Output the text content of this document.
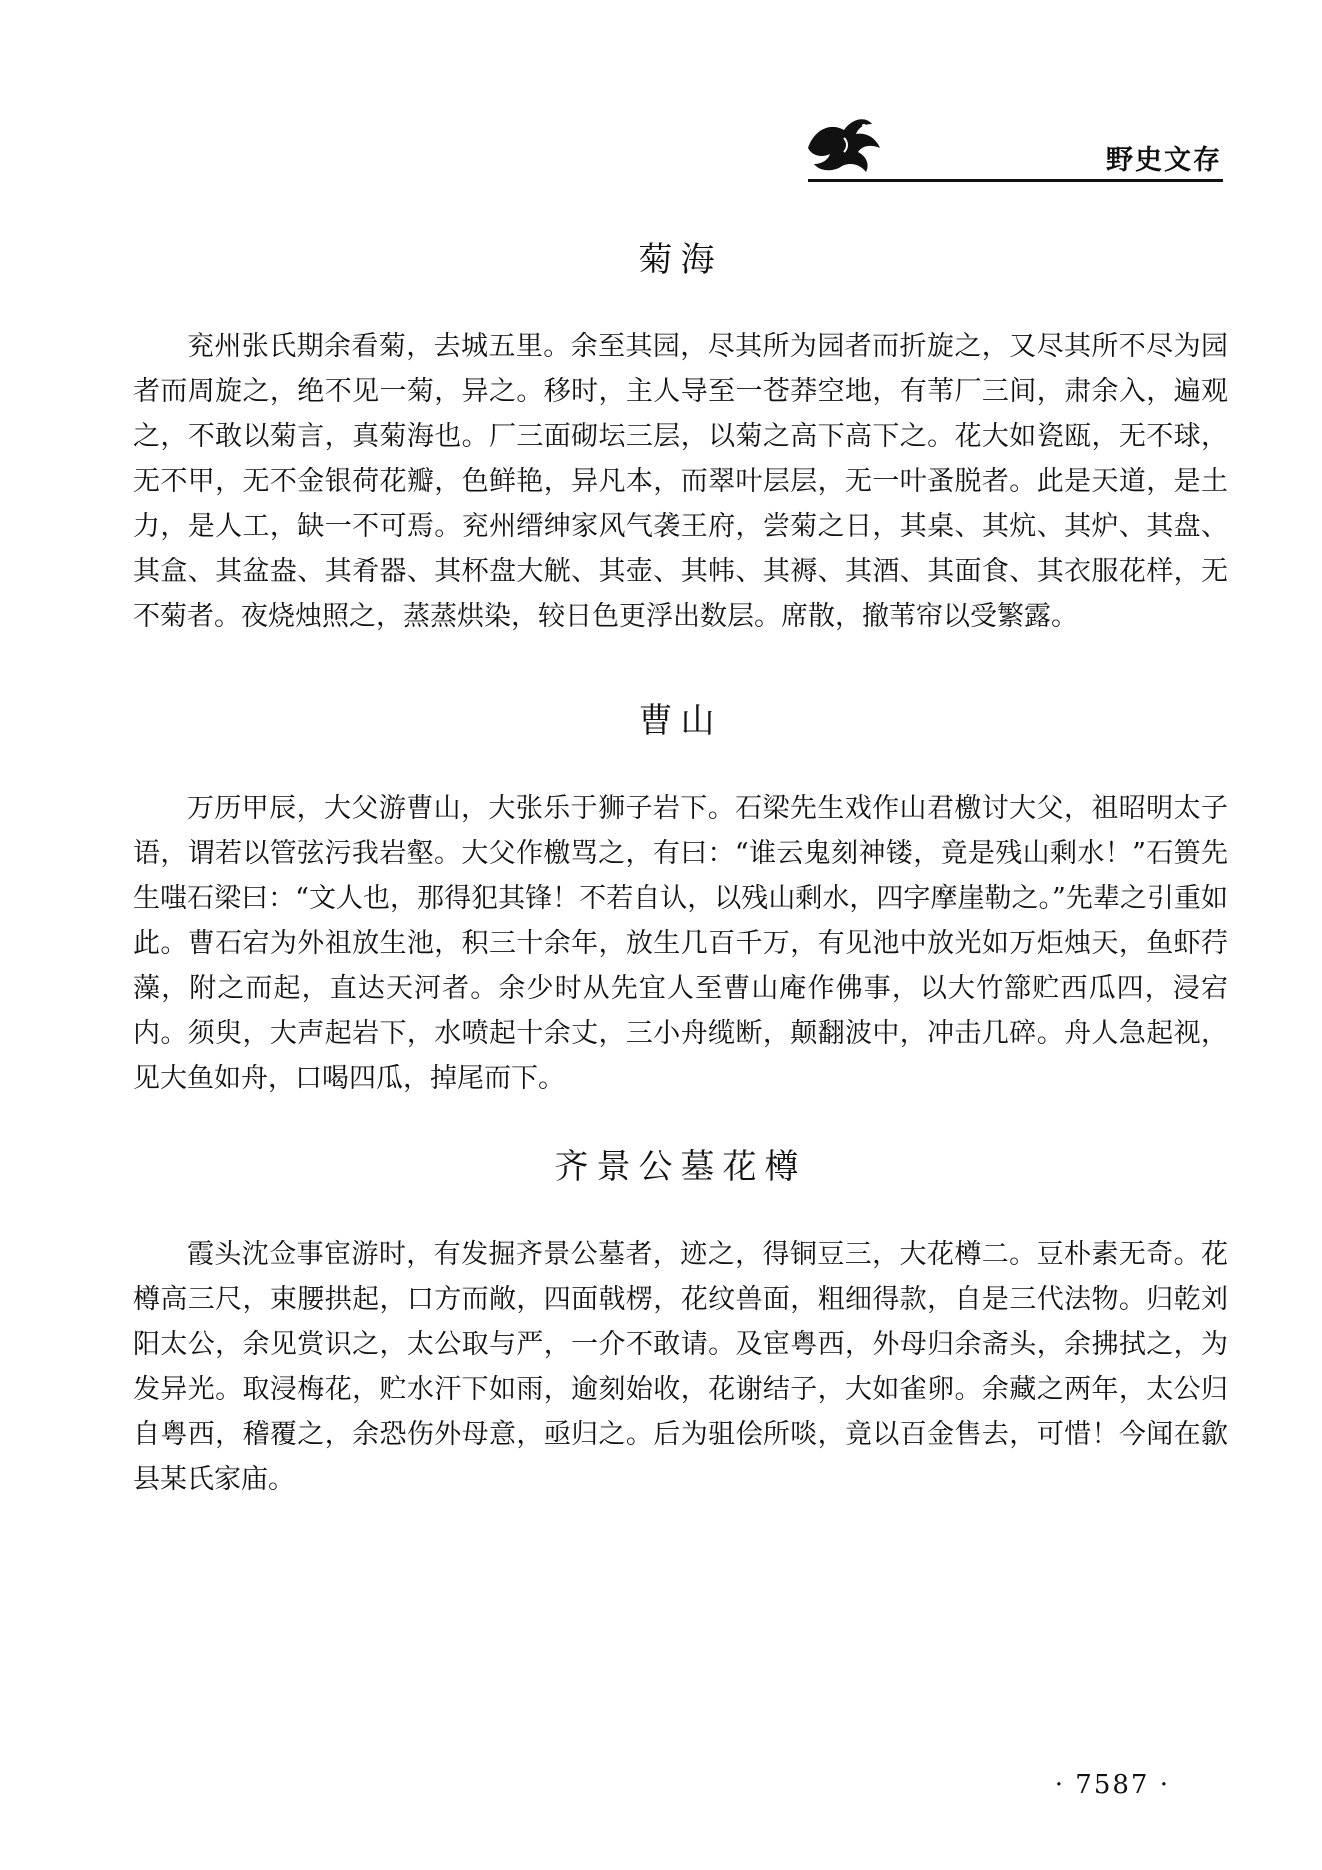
野史文存
菊海

兖州张氏期余看菊，去城五里。余至其园，尽其所为园者而折旋之，又尽其所不尽为园者而周旋之，绝不见一菊，异之。移时，主人导至一苍莽空地，有苇厂三间，肃余入，遍观之，不敢以菊言，真菊海也。厂三面砌坛三层，以菊之高下高下之。花大如瓷瓯，无不球，无不甲，无不金银荷花瓣，色鲜艳，异凡本，而翠叶层层，无一叶蚤脱者。此是天道，是土力，是人工，缺一不可焉。兖州缙绅家风气袭王府，尝菊之日，其桌、其炕、其炉、其盘、其盒、其盆盎、其肴器、其杯盘大觥、其壶、其帏、其褥、其酒、其面食、其衣服花样，无不菊者。夜烧烛照之，蒸蒸烘染，较日色更浮出数层。席散，撤苇帘以受繁露。

曹山

万历甲辰，大父游曹山，大张乐于狮子岩下。石梁先生戏作山君檄讨大父，祖昭明太子语，谓若以管弦污我岩壑。大父作檄骂之，有曰：“谁云鬼刻神镂，竟是残山剩水！”石篑先生嗤石梁曰：“文人也，那得犯其锋！不若自认，以残山剩水，四字摩崖勒之。”先辈之引重如此。曹石宕为外祖放生池，积三十余年，放生几百千万，有见池中放光如万炬烛天，鱼虾荇藻，附之而起，直达天河者。余少时从先宜人至曹山庵作佛事，以大竹篰贮西瓜四，浸宕内。须臾，大声起岩下，水喷起十余丈，三小舟缆断，颠翻波中，冲击几碎。舟人急起视，见大鱼如舟，口喝四瓜，掉尾而下。

齐景公墓花樽

霞头沈佥事宦游时，有发掘齐景公墓者，迹之，得铜豆三，大花樽二。豆朴素无奇。花樽高三尺，束腰拱起，口方而敞，四面戟楞，花纹兽面，粗细得款，自是三代法物。归乾刘阳太公，余见赏识之，太公取与严，一介不敢请。及宦粤西，外母归余斋头，余拂拭之，为发异光。取浸梅花，贮水汗下如雨，逾刻始收，花谢结子，大如雀卵。余藏之两年，太公归自粤西，稽覆之，余恐伤外母意，亟归之。后为驵侩所啖，竟以百金售去，可惜！今闻在歙县某氏家庙。

· 7587 ·
